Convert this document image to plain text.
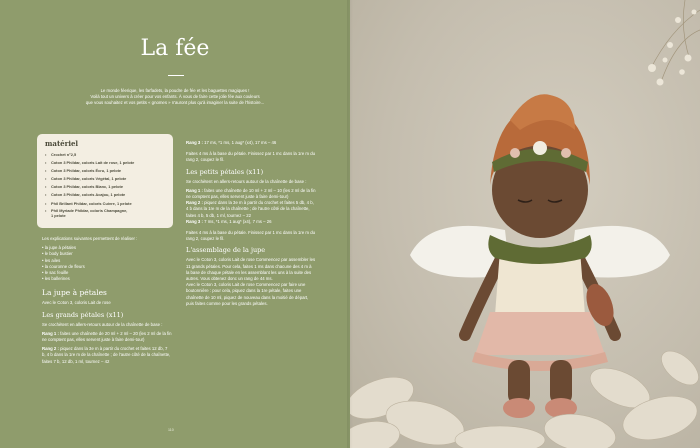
La fée

Le monde féerique, les farfadets, la poudre de fée et les baguettes magiques !

Voilà tout un univers à créer pour vos enfants. À vous de faire cette jolie fée aux couleurs

que vous souhaitez et vos petits « gnomes » n'auront plus qu'à imaginer la suite de l'histoire...

matériel
• Crochet n°2,5
• Coton 3 Phildar, coloris Lait de rose, 1 pelote
• Coton 3 Phildar, coloris Écru, 1 pelote
• Coton 3 Phildar, coloris Végétal, 1 pelote
• Coton 3 Phildar, coloris Blanc, 1 pelote
• Coton 3 Phildar, coloris Acajou, 1 pelote
• Phil Brillant Phildar, coloris Cuivre, 1 pelote
• Phil Myriade Phildar, coloris Champagne,
1 pelote

Les explications suivantes permettent de réaliser :

• la jupe à pétales
• le body bustier
• les ailes
• la couronne de fleurs
• le sac feuille
• les ballerines
La jupe à pétales

Avec le Coton 3, coloris Lait de rose

Les grands pétales (x11)

Se crochètent en allers-retours autour de la chaînette de base :

Rang 1 : faites une chaînette de 20 ml + 2 ml – 20 (les 2 ml de la fin ne comptent pas, elles servent juste à faire demi-tour)

Rang 2 : piquez dans la 3e m à partir du crochet et faites 12 db, 7 b, 4 b dans la 1re m de la chaînette ; de l'autre côté de la chaînette, faites 7 b, 12 db, 1 ml, tournez – 42

Rang 3 : 17 ms, *1 ms, 1 aug* (x4), 17 ms – 46

Faites 4 ms à la base du pétale. Finissez par 1 mc dans la 1re m du rang 2, coupez le fil.

Les petits pétales (x11)

Se crochètent en allers-retours autour de la chaînette de base :

Rang 1 : faites une chaînette de 10 ml + 2 ml – 10 (les 2 ml de la fin ne comptent pas, elles servent juste à faire demi-tour)

Rang 2 : piquez dans la 3e m à partir du crochet et faites 5 db, 4 b, 4 b dans la 1re m de la chaînette ; de l'autre côté de la chaînette, faites 4 b, 5 db, 1 ml, tournez – 22

Rang 3 : 7 ms, *1 ms, 1 aug* (x4), 7 ms – 26

Faites 4 ms à la base du pétale. Finissez par 1 mc dans la 1re m du rang 2, coupez le fil.

L'assemblage de la jupe

Avec le Coton 3, coloris Lait de rose Commencez par assembler les 11 grands pétales. Pour cela, faites 1 ms dans chacune des 4 m à la base de chaque pétale en les assemblant les uns à la suite des autres. Vous obtenez donc un rang de 44 ms.

Avec le Coton 3, coloris Lait de rose Commencez par faire une boutonnière : pour cela, piquez dans la 1re pétale, faites une chaînette de 10 ml, piquez de nouveau dans la moitié de départ, puis faites comme pour les grands pétales.

110
